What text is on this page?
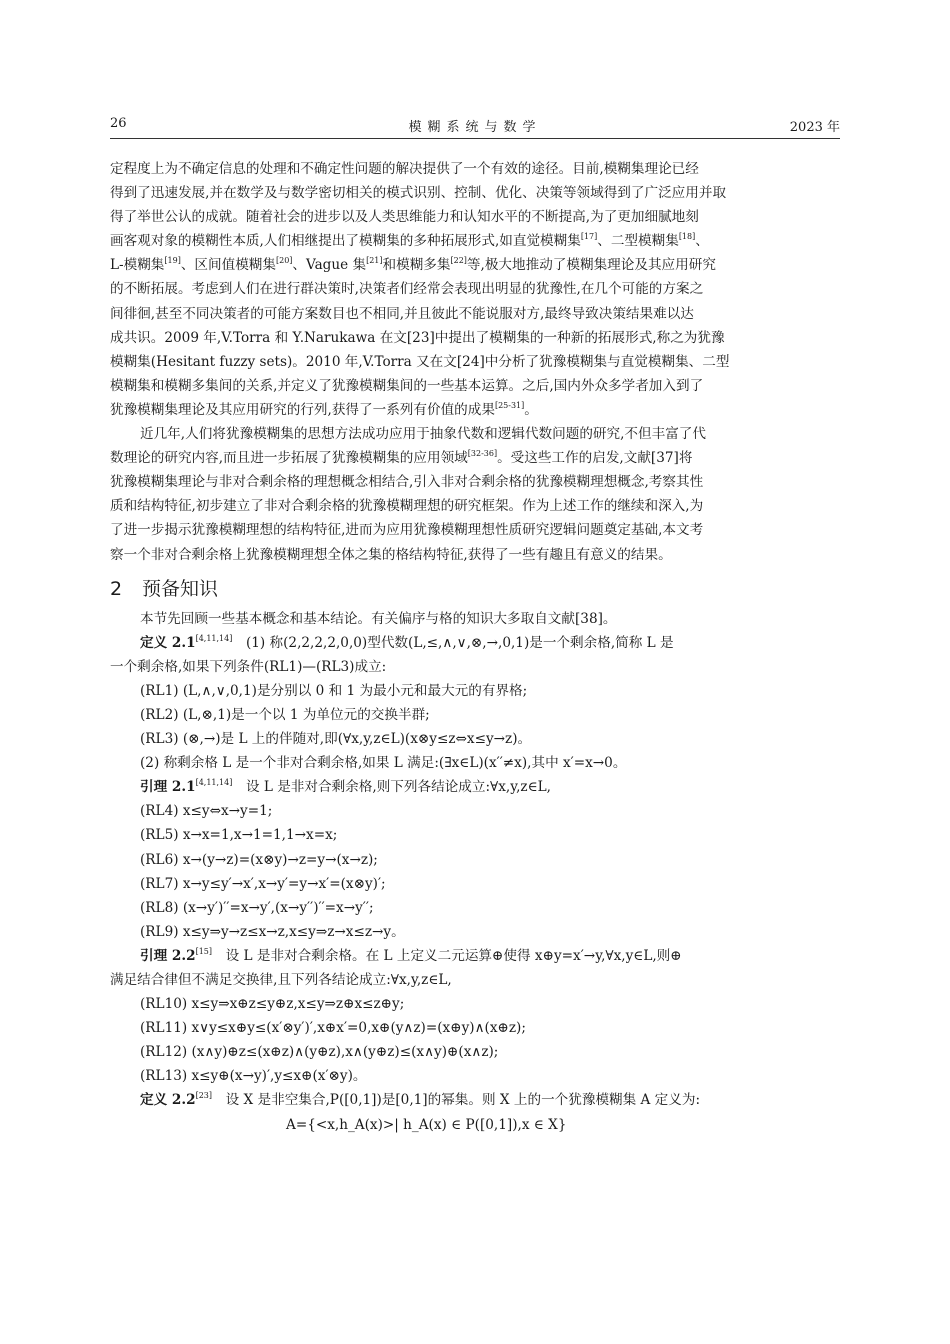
26	模糊系统与数学	2023 年
定程度上为不确定信息的处理和不确定性问题的解决提供了一个有效的途径。目前,模糊集理论已经
得到了迅速发展,并在数学及与数学密切相关的模式识别、控制、优化、决策等领域得到了广泛应用并取
得了举世公认的成就。随着社会的进步以及人类思维能力和认知水平的不断提高,为了更加细腻地刻
画客观对象的模糊性本质,人们相继提出了模糊集的多种拓展形式,如直觉模糊集[17]、二型模糊集[18]、
L-模糊集[19]、区间值模糊集[20]、Vague 集[21]和模糊多集[22]等,极大地推动了模糊集理论及其应用研究
的不断拓展。考虑到人们在进行群决策时,决策者们经常会表现出明显的犹豫性,在几个可能的方案之
间徘徊,甚至不同决策者的可能方案数目也不相同,并且彼此不能说服对方,最终导致决策结果难以达
成共识。2009 年,V.Torra 和 Y.Narukawa 在文[23]中提出了模糊集的一种新的拓展形式,称之为犹豫
模糊集(Hesitant fuzzy sets)。2010 年,V.Torra 又在文[24]中分析了犹豫模糊集与直觉模糊集、二型
模糊集和模糊多集间的关系,并定义了犹豫模糊集间的一些基本运算。之后,国内外众多学者加入到了
犹豫模糊集理论及其应用研究的行列,获得了一系列有价值的成果[25-31]。
近几年,人们将犹豫模糊集的思想方法成功应用于抽象代数和逻辑代数问题的研究,不但丰富了代
数理论的研究内容,而且进一步拓展了犹豫模糊集的应用领域[32-36]。受这些工作的启发,文献[37]将
犹豫模糊集理论与非对合剩余格的理想概念相结合,引入非对合剩余格的犹豫模糊理想概念,考察其性
质和结构特征,初步建立了非对合剩余格的犹豫模糊理想的研究框架。作为上述工作的继续和深入,为
了进一步揭示犹豫模糊理想的结构特征,进而为应用犹豫模糊理想性质研究逻辑问题奠定基础,本文考
察一个非对合剩余格上犹豫模糊理想全体之集的格结构特征,获得了一些有趣且有意义的结果。
2 预备知识
本节先回顾一些基本概念和基本结论。有关偏序与格的知识大多取自文献[38]。
定义 2.1[4,11,14]　(1) 称(2,2,2,2,0,0)型代数(L,≤,∧,∨,⊗,→,0,1)是一个剩余格,简称 L 是
一个剩余格,如果下列条件(RL1)—(RL3)成立:
(RL1) (L,∧,∨,0,1)是分别以 0 和 1 为最小元和最大元的有界格;
(RL2) (L,⊗,1)是一个以 1 为单位元的交换半群;
(RL3) (⊗,→)是 L 上的伴随对,即(∀x,y,z∈L)(x⊗y≤z⇔x≤y→z)。
(2) 称剩余格 L 是一个非对合剩余格,如果 L 满足:(∃x∈L)(x′′≠x),其中 x′=x→0。
引理 2.1[4,11,14]　设 L 是非对合剩余格,则下列各结论成立:∀x,y,z∈L,
(RL4) x≤y⇔x→y=1;
(RL5) x→x=1,x→1=1,1→x=x;
(RL6) x→(y→z)=(x⊗y)→z=y→(x→z);
(RL7) x→y≤y′→x′,x→y′=y→x′=(x⊗y)′;
(RL8) (x→y′)′′=x→y′,(x→y′′)′′=x→y′′;
(RL9) x≤y⇒y→z≤x→z,x≤y⇒z→x≤z→y。
引理 2.2[15]　设 L 是非对合剩余格。在 L 上定义二元运算⊕使得 x⊕y=x′→y,∀x,y∈L,则⊕
满足结合律但不满足交换律,且下列各结论成立:∀x,y,z∈L,
(RL10) x≤y⇒x⊕z≤y⊕z,x≤y⇒z⊕x≤z⊕y;
(RL11) x∨y≤x⊕y≤(x′⊗y′)′,x⊕x′=0,x⊕(y∧z)=(x⊕y)∧(x⊕z);
(RL12) (x∧y)⊕z≤(x⊕z)∧(y⊕z),x∧(y⊕z)≤(x∧y)⊕(x∧z);
(RL13) x≤y⊕(x→y)′,y≤x⊕(x′⊗y)。
定义 2.2[23]　设 X 是非空集合,P([0,1])是[0,1]的幂集。则 X 上的一个犹豫模糊集 A 定义为:
A={<x,h_A(x)>| h_A(x) ∈ P([0,1]),x ∈ X}
